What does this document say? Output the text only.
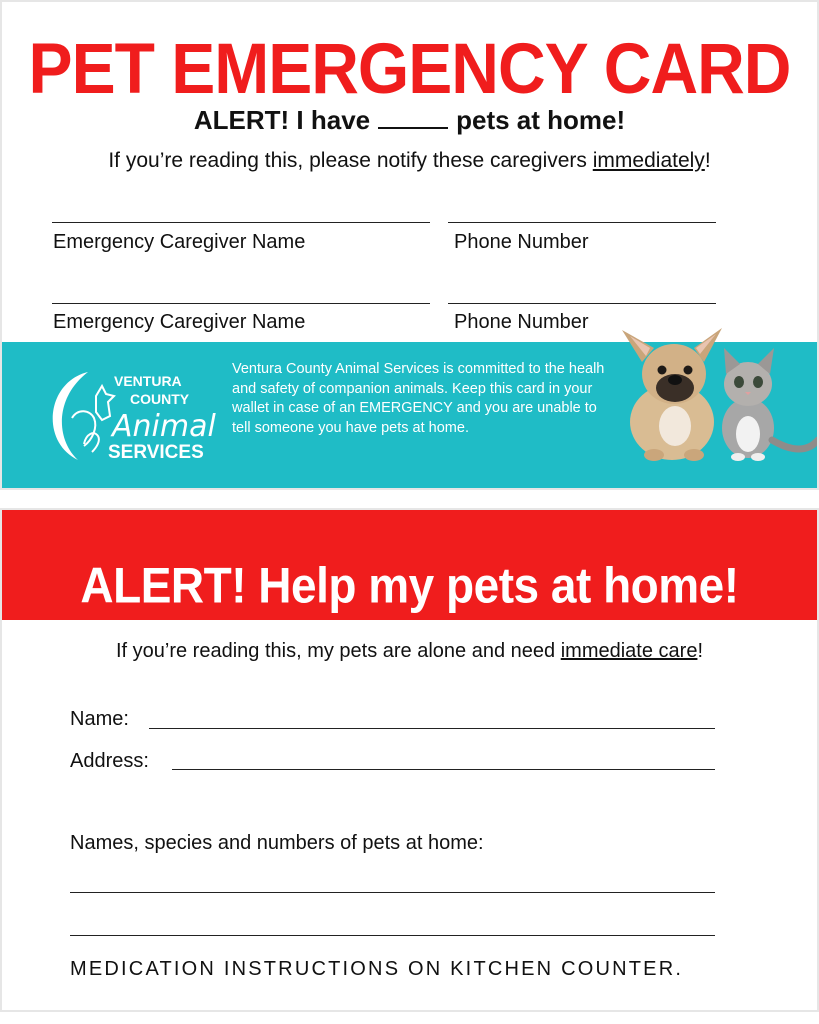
PET EMERGENCY CARD
ALERT! I have	pets at home!
If you’re reading this, please notify these caregivers immediately!
Emergency Caregiver Name	Phone Number
Emergency Caregiver Name	Phone Number
VENTURA
COUNTY
Animal
SERVICES
Ventura County Animal Services is committed to the healh and safety of companion animals. Keep this card in your wallet in case of an EMERGENCY and you are unable to tell someone you have pets at home.
ALERT! Help my pets at home!
If you’re reading this, my pets are alone and need immediate care!
Name:
Address:
Names, species and numbers of pets at home:
MEDICATION INSTRUCTIONS ON KITCHEN COUNTER.
